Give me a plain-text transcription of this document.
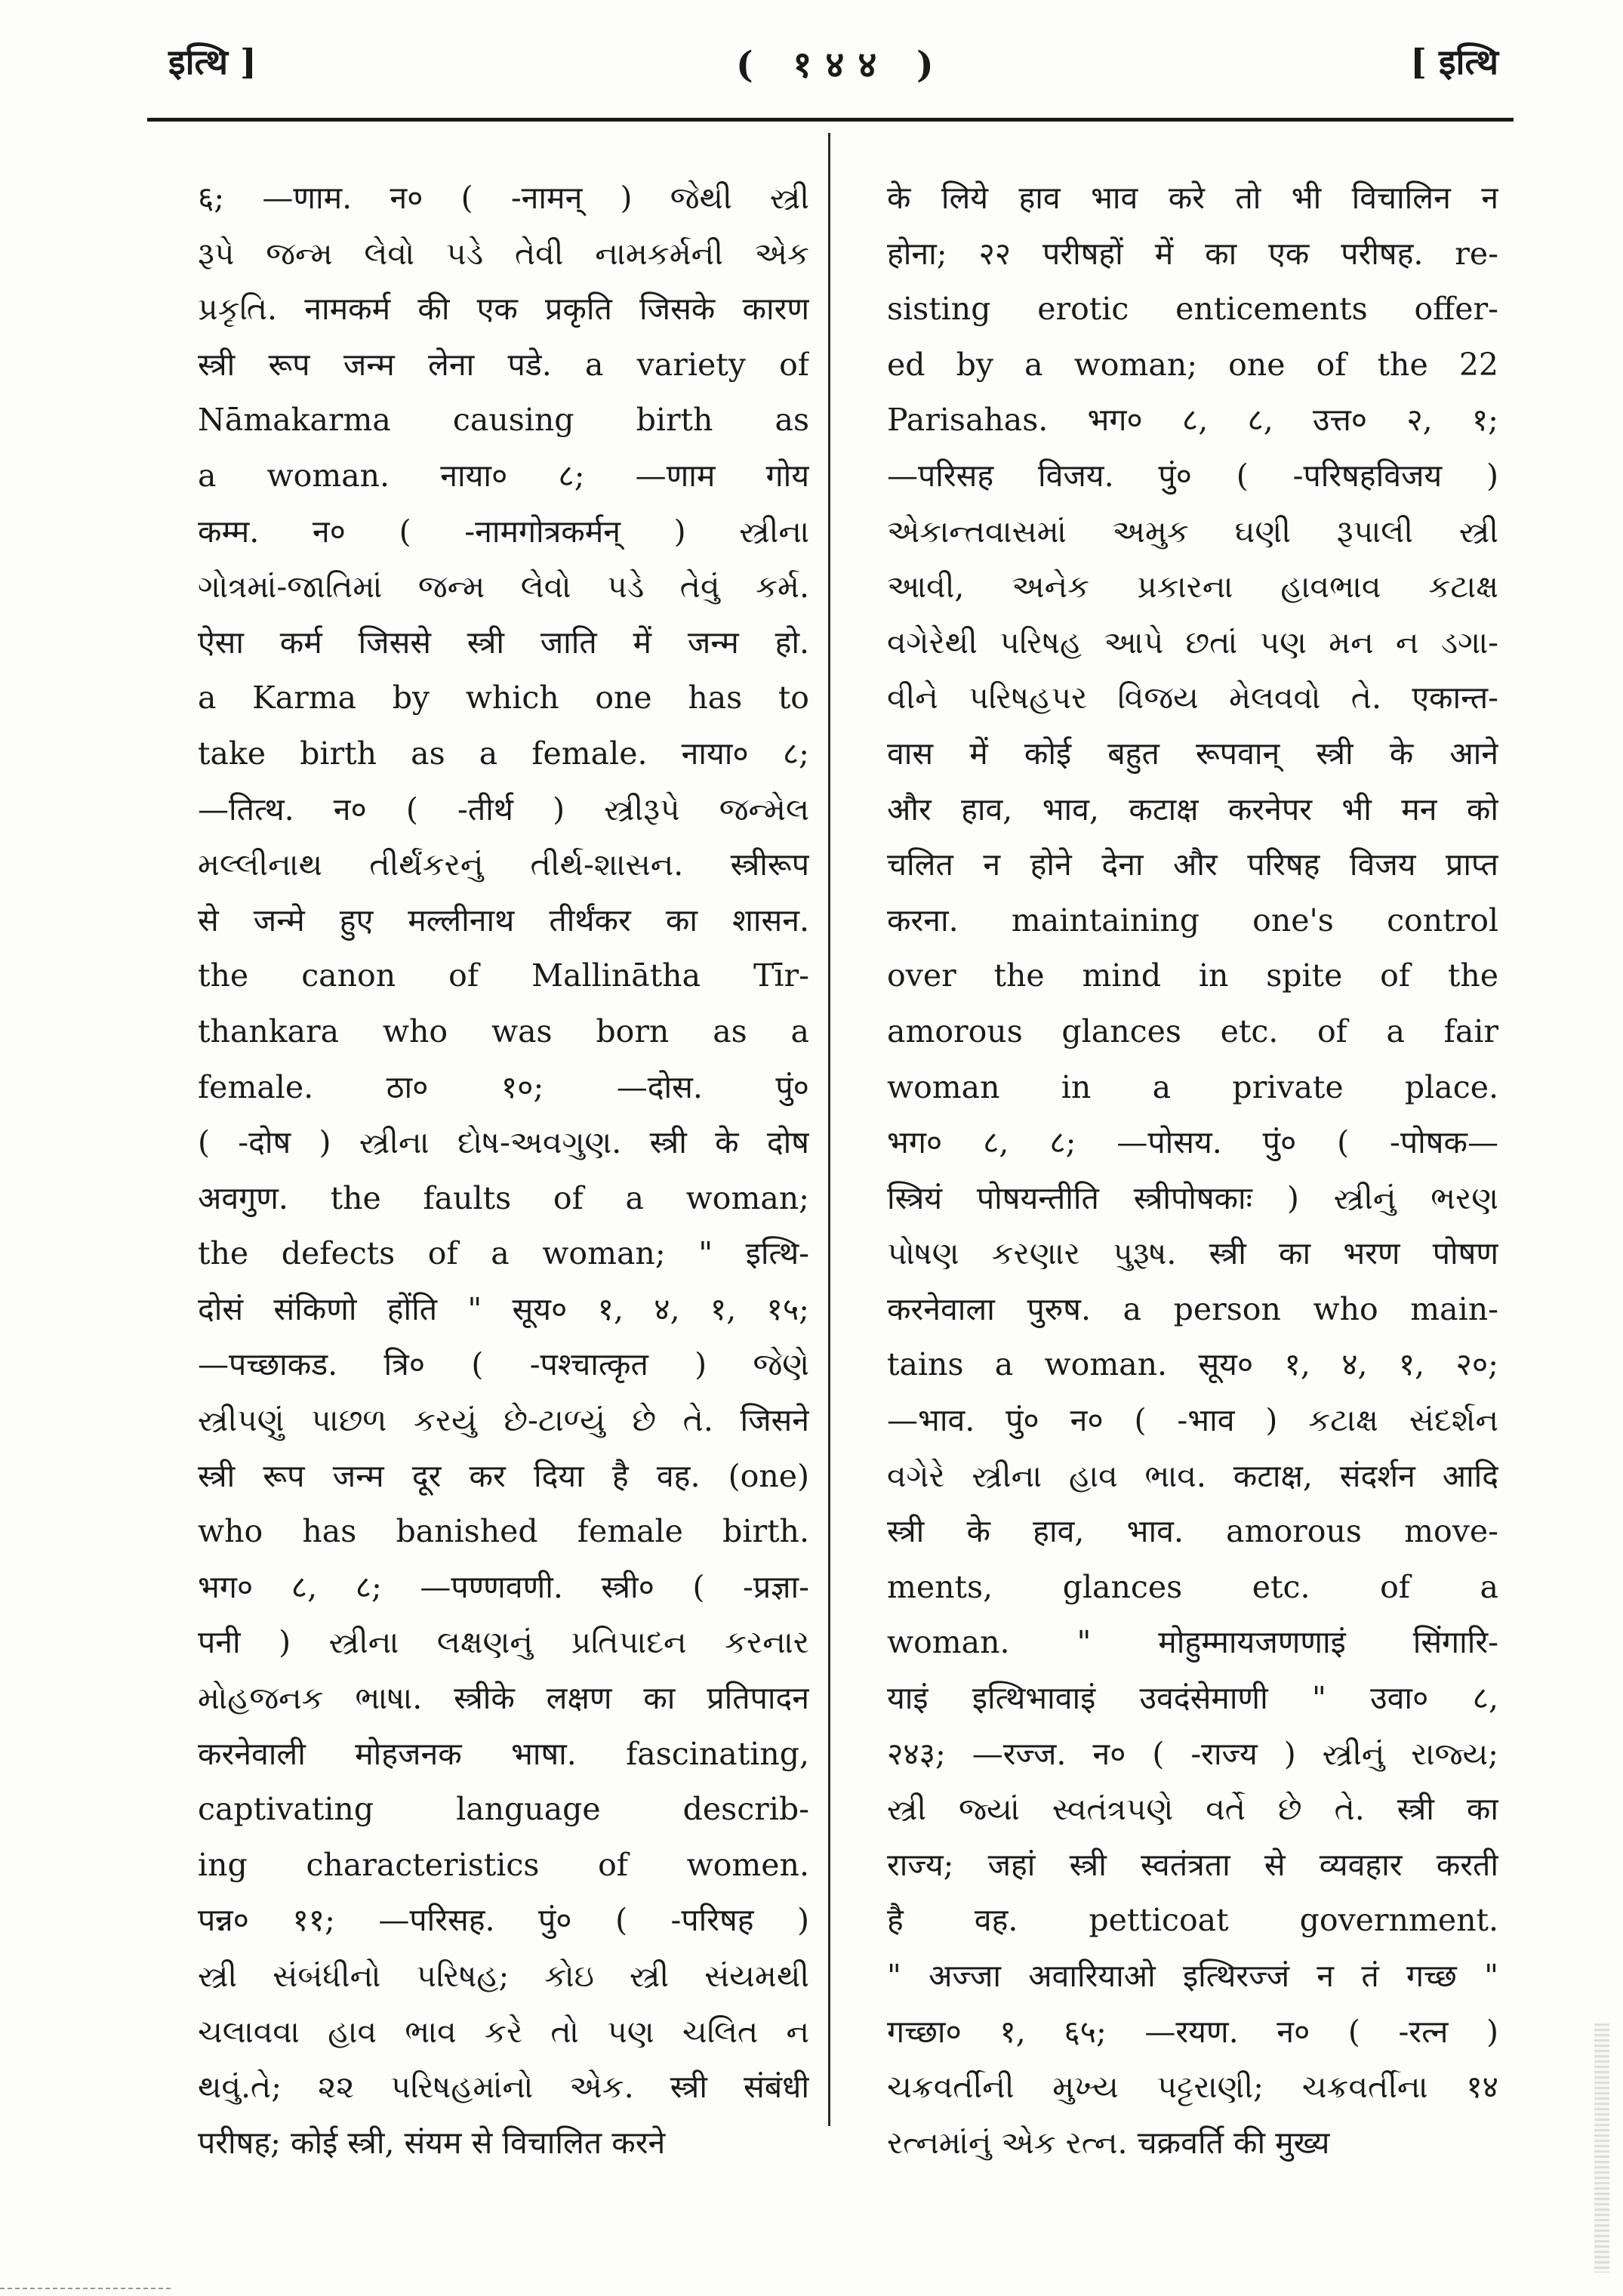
इत्थि ]	( १४४ )	[ इत्थि
६; —णाम. न० ( -नामन् ) જેથી સ્ત્રી
રૂપે જન્મ લેવો પડે તેવી નામકર્મની એક
પ્રકૃતિ. नामकर्म की एक प्रकृति जिसके कारण
स्त्री रूप जन्म लेना पडे. a variety of
Nāmakarma causing birth as
a woman. नाया० ८; —णाम गोय
कम्म. न० ( -नामगोत्रकर्मन् ) સ્ત્રીના
ગોત્રમાં-જાતિમાં જન્મ લેવો પડે તેવું કર્મ.
ऐसा कर्म जिससे स्त्री जाति में जन्म हो.
a Karma by which one has to
take birth as a female. नाया० ८;
—तित्थ. न० ( -तीर्थ ) સ્ત્રીરૂપે જન્મેલ
મલ્લીનાથ તીર્થંકરનું તીર્થ-શાસન. स्त्रीरूप
से जन्मे हुए मल्लीनाथ तीर्थंकर का शासन.
the canon of Mallinātha Tīr-
thankara who was born as a
female. ठा० १०; —दोस. पुं०
( -दोष ) સ્ત્રીના દોષ-અવગુણ. स्त्री के दोष
अवगुण. the faults of a woman;
the defects of a woman; " इत्थि-
दोसं संकिणो होंति " सूय० १, ४, १, १५;
—पच्छाकड. त्रि० ( -पश्चात्कृत ) જેણે
સ્ત્રીપણું પાછળ કરયું છે-ટાળ્યું છે તે. जिसने
स्त्री रूप जन्म दूर कर दिया है वह. (one)
who has banished female birth.
भग० ८, ८; —पण्णवणी. स्त्री० ( -प्रज्ञा-
पनी ) સ્ત્રીના લક્ષણનું પ્રતિપાદન કરનાર
મોહજનક ભાષા. स्त्रीके लक्षण का प्रतिपादन
करनेवाली मोहजनक भाषा. fascinating,
captivating language describ-
ing characteristics of women.
पन्न० ११; —परिसह. पुं० ( -परिषह )
સ્ત્રી સંબંધીનો પરિષહ; કોઇ સ્ત્રી સંયમથી
ચલાવવા હાવ ભાવ કરે તો પણ ચલિત ન
થવું.તે; ૨૨ પરિષહમાંનો એક. स्त्री संबंधी
परीषह; कोई स्त्री, संयम से विचालित करने
के लिये हाव भाव करे तो भी विचालिन न
होना; २२ परीषहों में का एक परीषह. re-
sisting erotic enticements offer-
ed by a woman; one of the 22
Parisahas. भग० ८, ८, उत्त० २, १;
—परिसह विजय. पुं० ( -परिषहविजय )
એકાન્તવાસમાં અમુક ઘણી રૂપાલી સ્ત્રી
આવી, અનેક પ્રકારના હાવભાવ કટાક્ષ
વગેરેથી પરિષહ આપે છતાં પણ મન ન ડગા-
વીને પરિષહપર વિજય મેલવવો તે. एकान्त-
वास में कोई बहुत रूपवान् स्त्री के आने
और हाव, भाव, कटाक्ष करनेपर भी मन को
चलित न होने देना और परिषह विजय प्राप्त
करना. maintaining one's control
over the mind in spite of the
amorous glances etc. of a fair
woman in a private place.
भग० ८, ८; —पोसय. पुं० ( -पोषक—
स्त्रियं पोषयन्तीति स्त्रीपोषकाः ) સ્ત્રીનું ભરણ
પોષણ કરણાર પુરૂષ. स्त्री का भरण पोषण
करनेवाला पुरुष. a person who main-
tains a woman. सूय० १, ४, १, २०;
—भाव. पुं० न० ( -भाव ) કટાક્ષ સંદર્શન
વગેરે સ્ત્રીના હાવ ભાવ. कटाक्ष, संदर्शन आदि
स्त्री के हाव, भाव. amorous move-
ments, glances etc. of a
woman. " मोहुम्मायजणणाइं सिंगारि-
याइं इत्थिभावाइं उवदंसेमाणी " उवा० ८,
२४३; —रज्ज. न० ( -राज्य ) સ્ત્રીનું રાજ્ય;
સ્ત્રી જ્યાં સ્વતંત્રપણે વર્તે છે તે. स्त्री का
राज्य; जहां स्त्री स्वतंत्रता से व्यवहार करती
है वह. petticoat government.
" अज्जा अवारियाओ इत्थिरज्जं न तं गच्छ "
गच्छा० १, ६५; —रयण. न० ( -रत्न )
ચક્રવર્તીની મુખ્ય પટ્ટરાણી; ચક્રવર્તીના १४
રત્નમાંનું એક રત્ન. चक्रवर्ति की मुख्य
